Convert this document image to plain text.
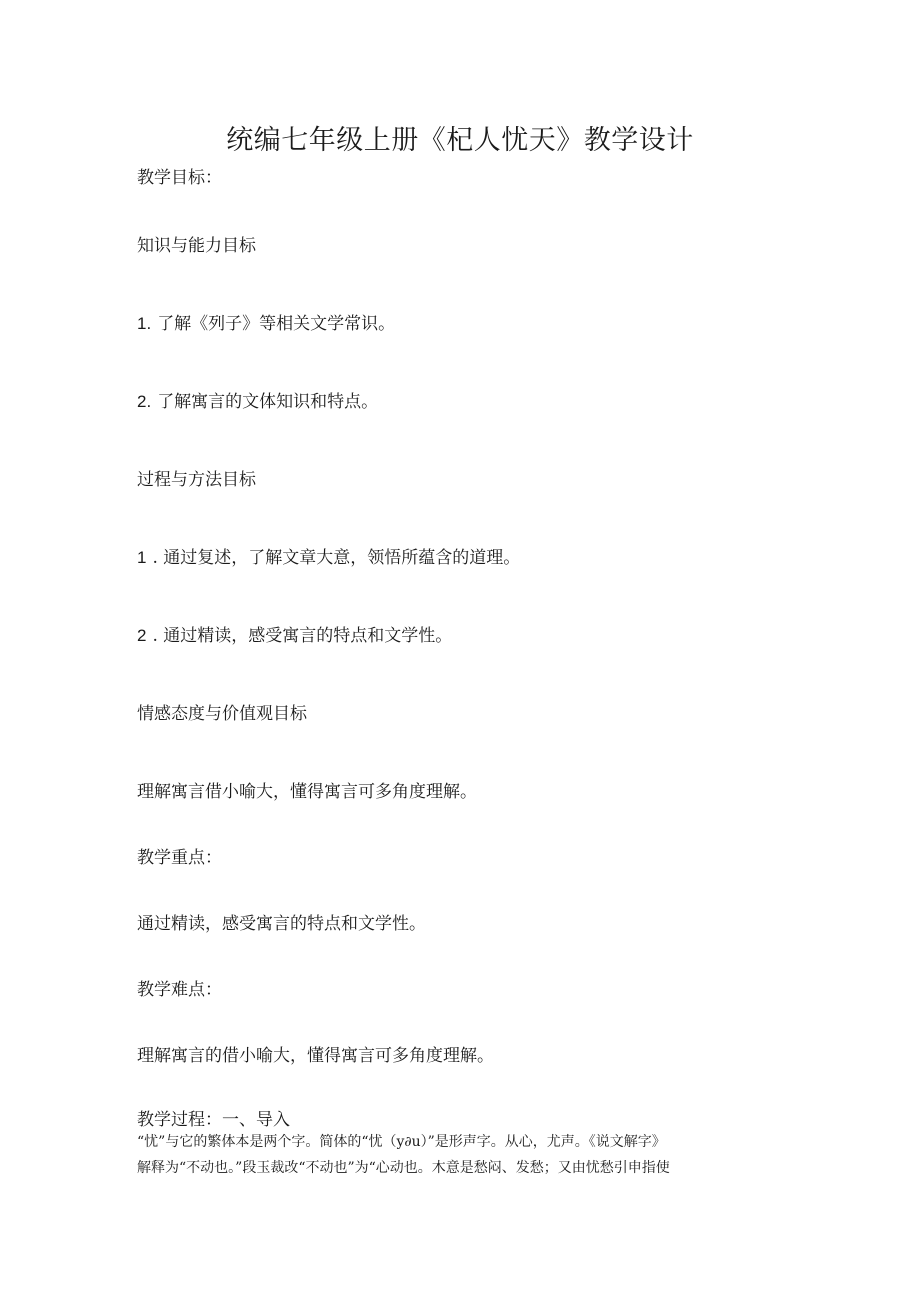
统编七年级上册《杞人忧天》教学设计
教学目标：
知识与能力目标
1. 了解《列子》等相关文学常识。
2. 了解寓言的文体知识和特点。
过程与方法目标
1 . 通过复述，了解文章大意，领悟所蕴含的道理。
2 . 通过精读，感受寓言的特点和文学性。
情感态度与价值观目标
理解寓言借小喻大，懂得寓言可多角度理解。
教学重点：
通过精读，感受寓言的特点和文学性。
教学难点：
理解寓言的借小喻大，懂得寓言可多角度理解。
教学过程：一、导入
“忧”与它的繁体本是两个字。简体的“忧（y∂u）”是形声字。从心，尤声。《说文解字》
解释为“不动也。”段玉裁改“不动也”为“心动也。木意是愁闷、发愁；又由忧愁引申指使
